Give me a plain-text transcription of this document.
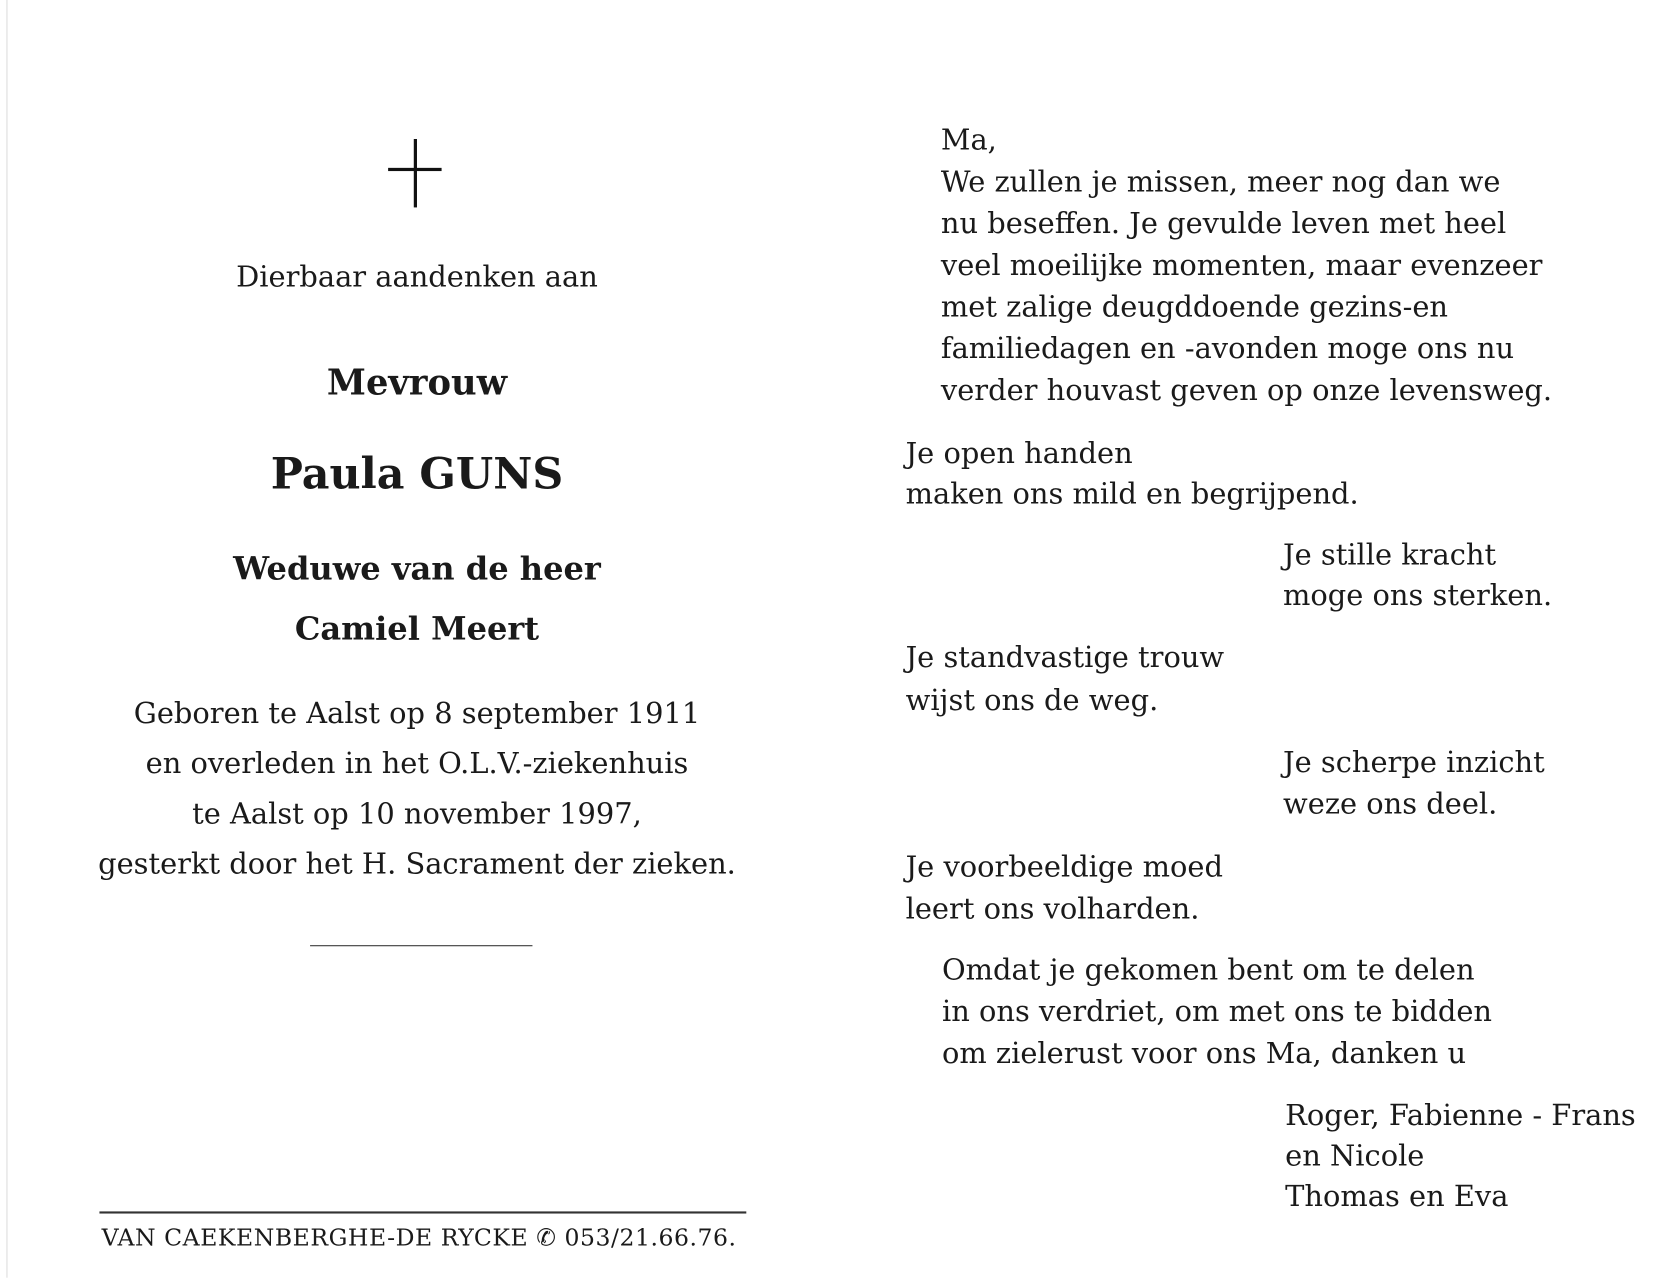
Dierbaar aandenken aan
Mevrouw
Paula GUNS
Weduwe van de heer
Camiel Meert
Geboren te Aalst op 8 september 1911
en overleden in het O.L.V.-ziekenhuis
te Aalst op 10 november 1997,
gesterkt door het H. Sacrament der zieken.
VAN CAEKENBERGHE-DE RYCKE ✆ 053/21.66.76.
Ma,
We zullen je missen, meer nog dan we
nu beseffen. Je gevulde leven met heel
veel moeilijke momenten, maar evenzeer
met zalige deugddoende gezins-en
familiedagen en -avonden moge ons nu
verder houvast geven op onze levensweg.
Je open handen
maken ons mild en begrijpend.
Je stille kracht
moge ons sterken.
Je standvastige trouw
wijst ons de weg.
Je scherpe inzicht
weze ons deel.
Je voorbeeldige moed
leert ons volharden.
Omdat je gekomen bent om te delen
in ons verdriet, om met ons te bidden
om zielerust voor ons Ma, danken u
Roger, Fabienne - Frans
en Nicole
Thomas en Eva
